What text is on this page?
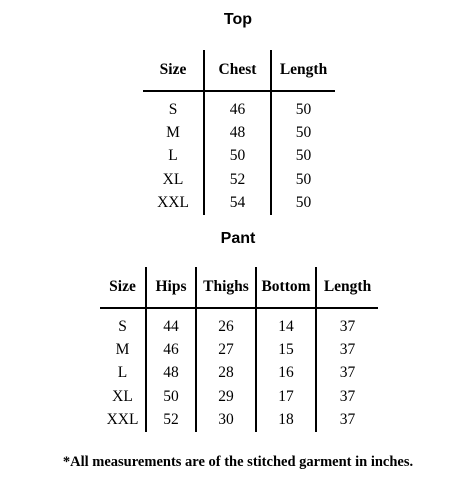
Top
Size	Chest	Length
S	46	50
M	48	50
L	50	50
XL	52	50
XXL	54	50
Pant
Size	Hips	Thighs	Bottom	Length
S	44	26	14	37
M	46	27	15	37
L	48	28	16	37
XL	50	29	17	37
XXL	52	30	18	37
*All measurements are of the stitched garment in inches.
